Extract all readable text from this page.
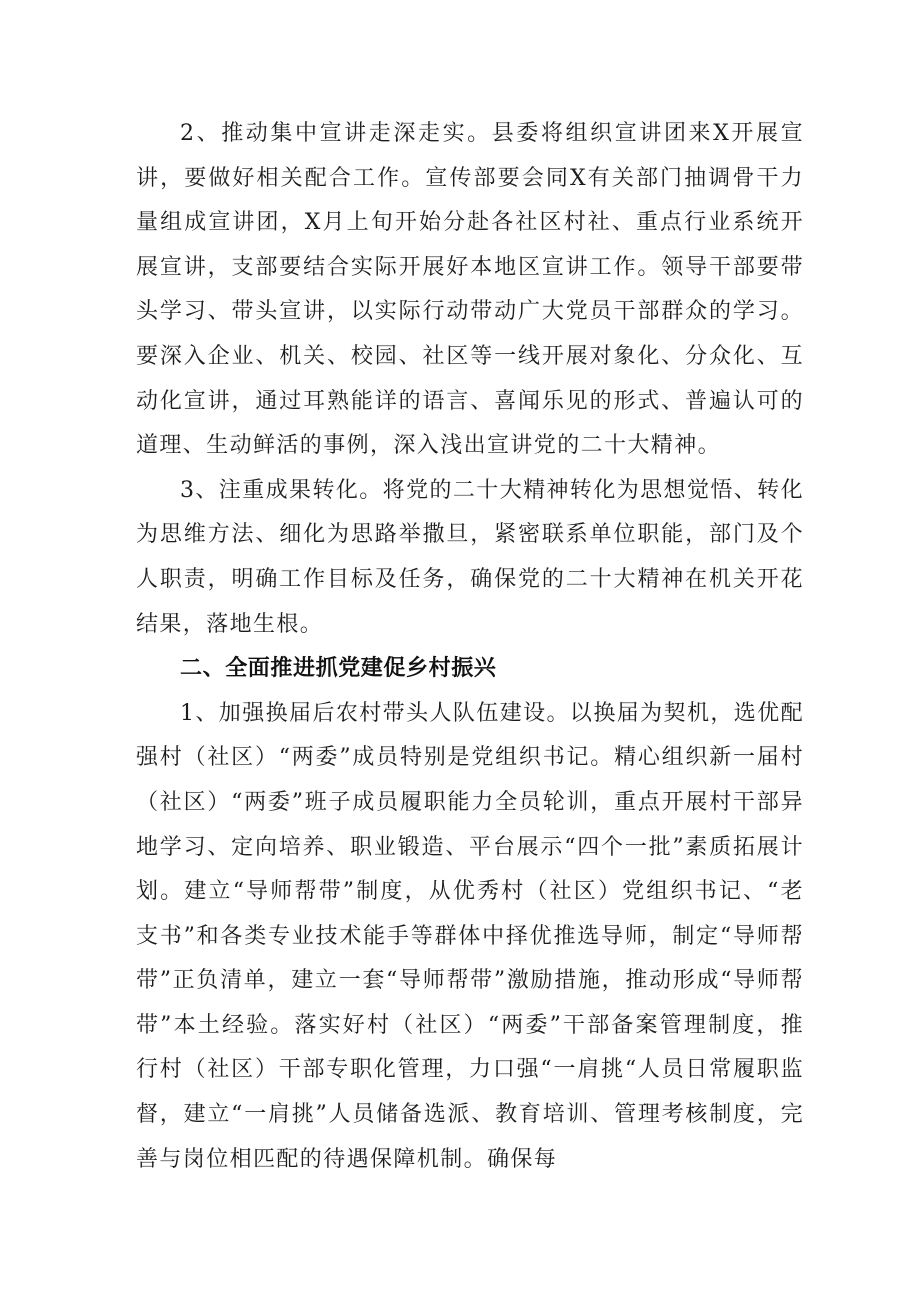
2、推动集中宣讲走深走实。县委将组织宣讲团来X开展宣讲，要做好相关配合工作。宣传部要会同X有关部门抽调骨干力量组成宣讲团，X月上旬开始分赴各社区村社、重点行业系统开展宣讲，支部要结合实际开展好本地区宣讲工作。领导干部要带头学习、带头宣讲，以实际行动带动广大党员干部群众的学习。要深入企业、机关、校园、社区等一线开展对象化、分众化、互动化宣讲，通过耳熟能详的语言、喜闻乐见的形式、普遍认可的道理、生动鲜活的事例，深入浅出宣讲党的二十大精神。

3、注重成果转化。将党的二十大精神转化为思想觉悟、转化为思维方法、细化为思路举撒旦，紧密联系单位职能，部门及个人职责，明确工作目标及任务，确保党的二十大精神在机关开花结果，落地生根。

二、全面推进抓党建促乡村振兴

1、加强换届后农村带头人队伍建设。以换届为契机，选优配强村（社区）“两委”成员特别是党组织书记。精心组织新一届村（社区）“两委”班子成员履职能力全员轮训，重点开展村干部异地学习、定向培养、职业锻造、平台展示“四个一批”素质拓展计划。建立“导师帮带”制度，从优秀村（社区）党组织书记、“老支书”和各类专业技术能手等群体中择优推选导师，制定“导师帮带”正负清单，建立一套“导师帮带”激励措施，推动形成“导师帮带”本土经验。落实好村（社区）“两委”干部备案管理制度，推行村（社区）干部专职化管理，力口强“一肩挑“人员日常履职监督，建立“一肩挑”人员储备选派、教育培训、管理考核制度，完善与岗位相匹配的待遇保障机制。确保每
